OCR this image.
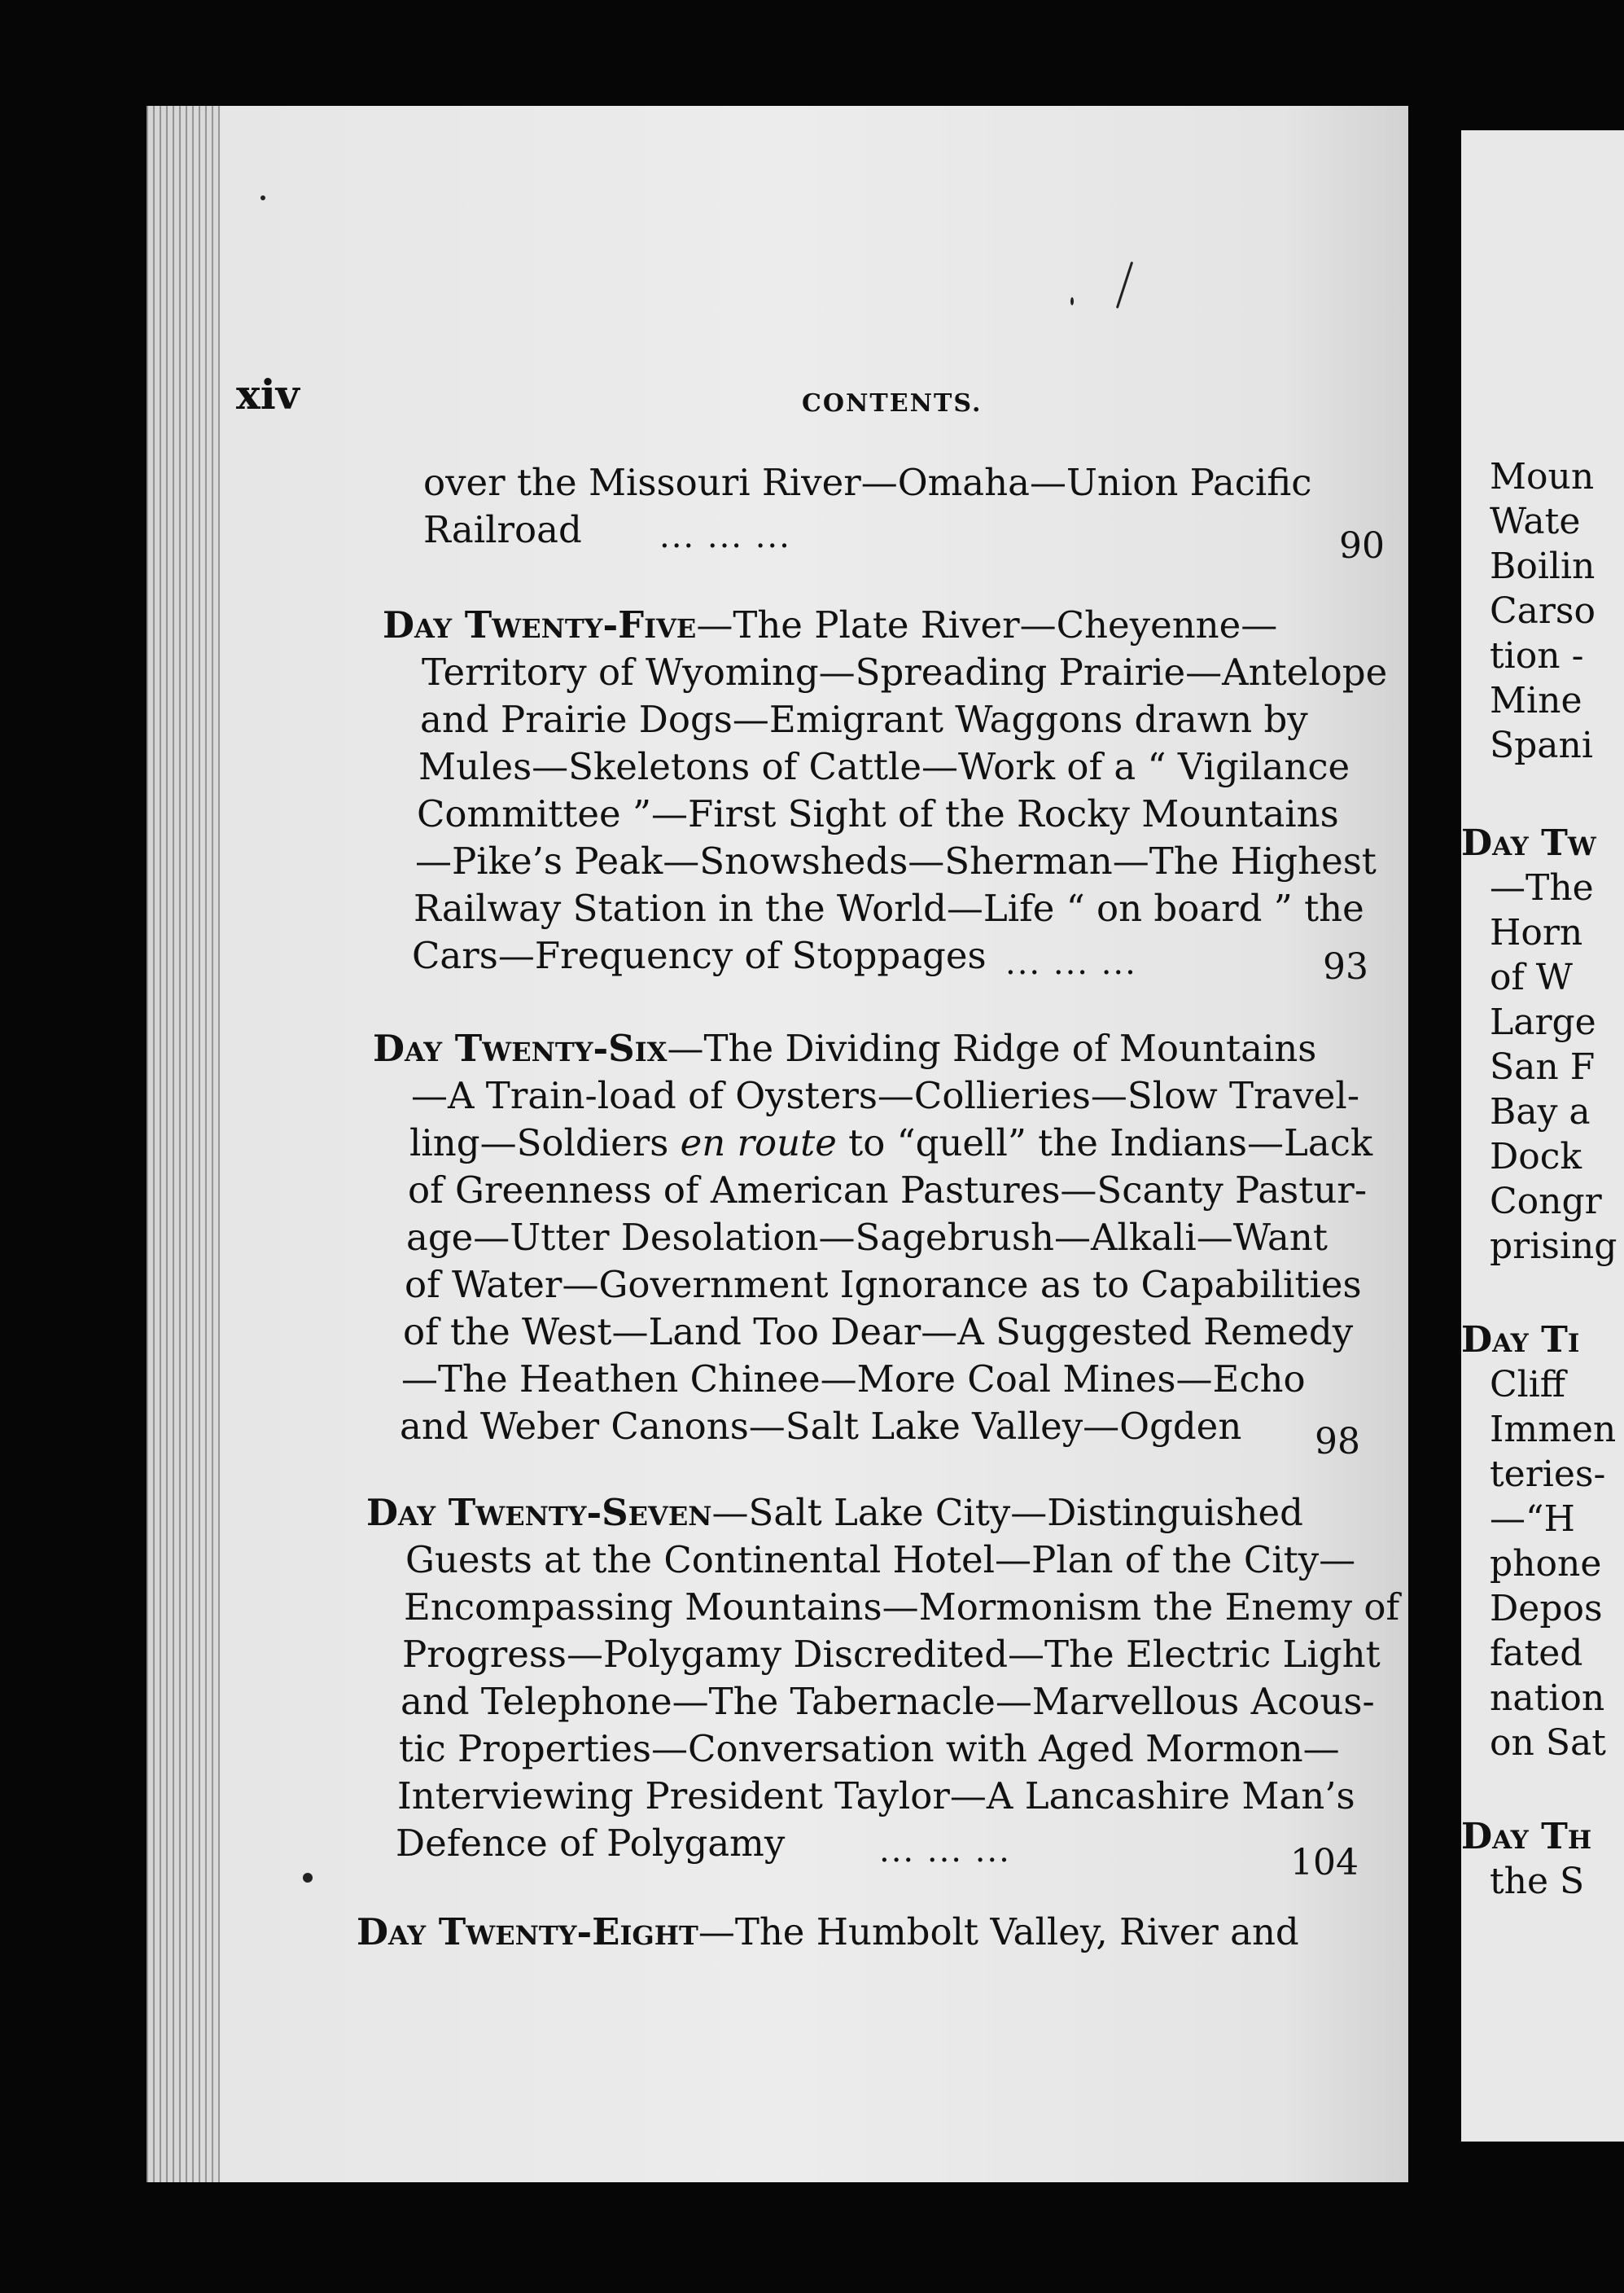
Moun
Wate
Boilin
Carso
tion -
Mine
Spani
Day Tw
—The
Horn
of W
Large
San F
Bay a
Dock
Congr
prising
Day Ti
Cliff
Immen
teries-
—“H
phone
Depos
fated
nation
on Sat
Day Th
the S
xiv	CONTENTS.
over the Missouri River—Omaha—Union Pacific
Railroad ... ... ...	90
Day Twenty-Five—The Plate River—Cheyenne—
Territory of Wyoming—Spreading Prairie—Antelope
and Prairie Dogs—Emigrant Waggons drawn by
Mules—Skeletons of Cattle—Work of a “ Vigilance
Committee ”—First Sight of the Rocky Mountains
—Pike’s Peak—Snowsheds—Sherman—The Highest
Railway Station in the World—Life “ on board ” the
Cars—Frequency of Stoppages ... ... ...	93
Day Twenty-Six—The Dividing Ridge of Mountains
—A Train-load of Oysters—Collieries—Slow Travel-
ling—Soldiers en route to “quell” the Indians—Lack
of Greenness of American Pastures—Scanty Pastur-
age—Utter Desolation—Sagebrush—Alkali—Want
of Water—Government Ignorance as to Capabilities
of the West—Land Too Dear—A Suggested Remedy
—The Heathen Chinee—More Coal Mines—Echo
and Weber Canons—Salt Lake Valley—Ogden 98
Day Twenty-Seven—Salt Lake City—Distinguished
Guests at the Continental Hotel—Plan of the City—
Encompassing Mountains—Mormonism the Enemy of
Progress—Polygamy Discredited—The Electric Light
and Telephone—The Tabernacle—Marvellous Acous-
tic Properties—Conversation with Aged Mormon—
Interviewing President Taylor—A Lancashire Man’s
Defence of Polygamy	... ... ...	104
Day Twenty-Eight—The Humbolt Valley, River and
